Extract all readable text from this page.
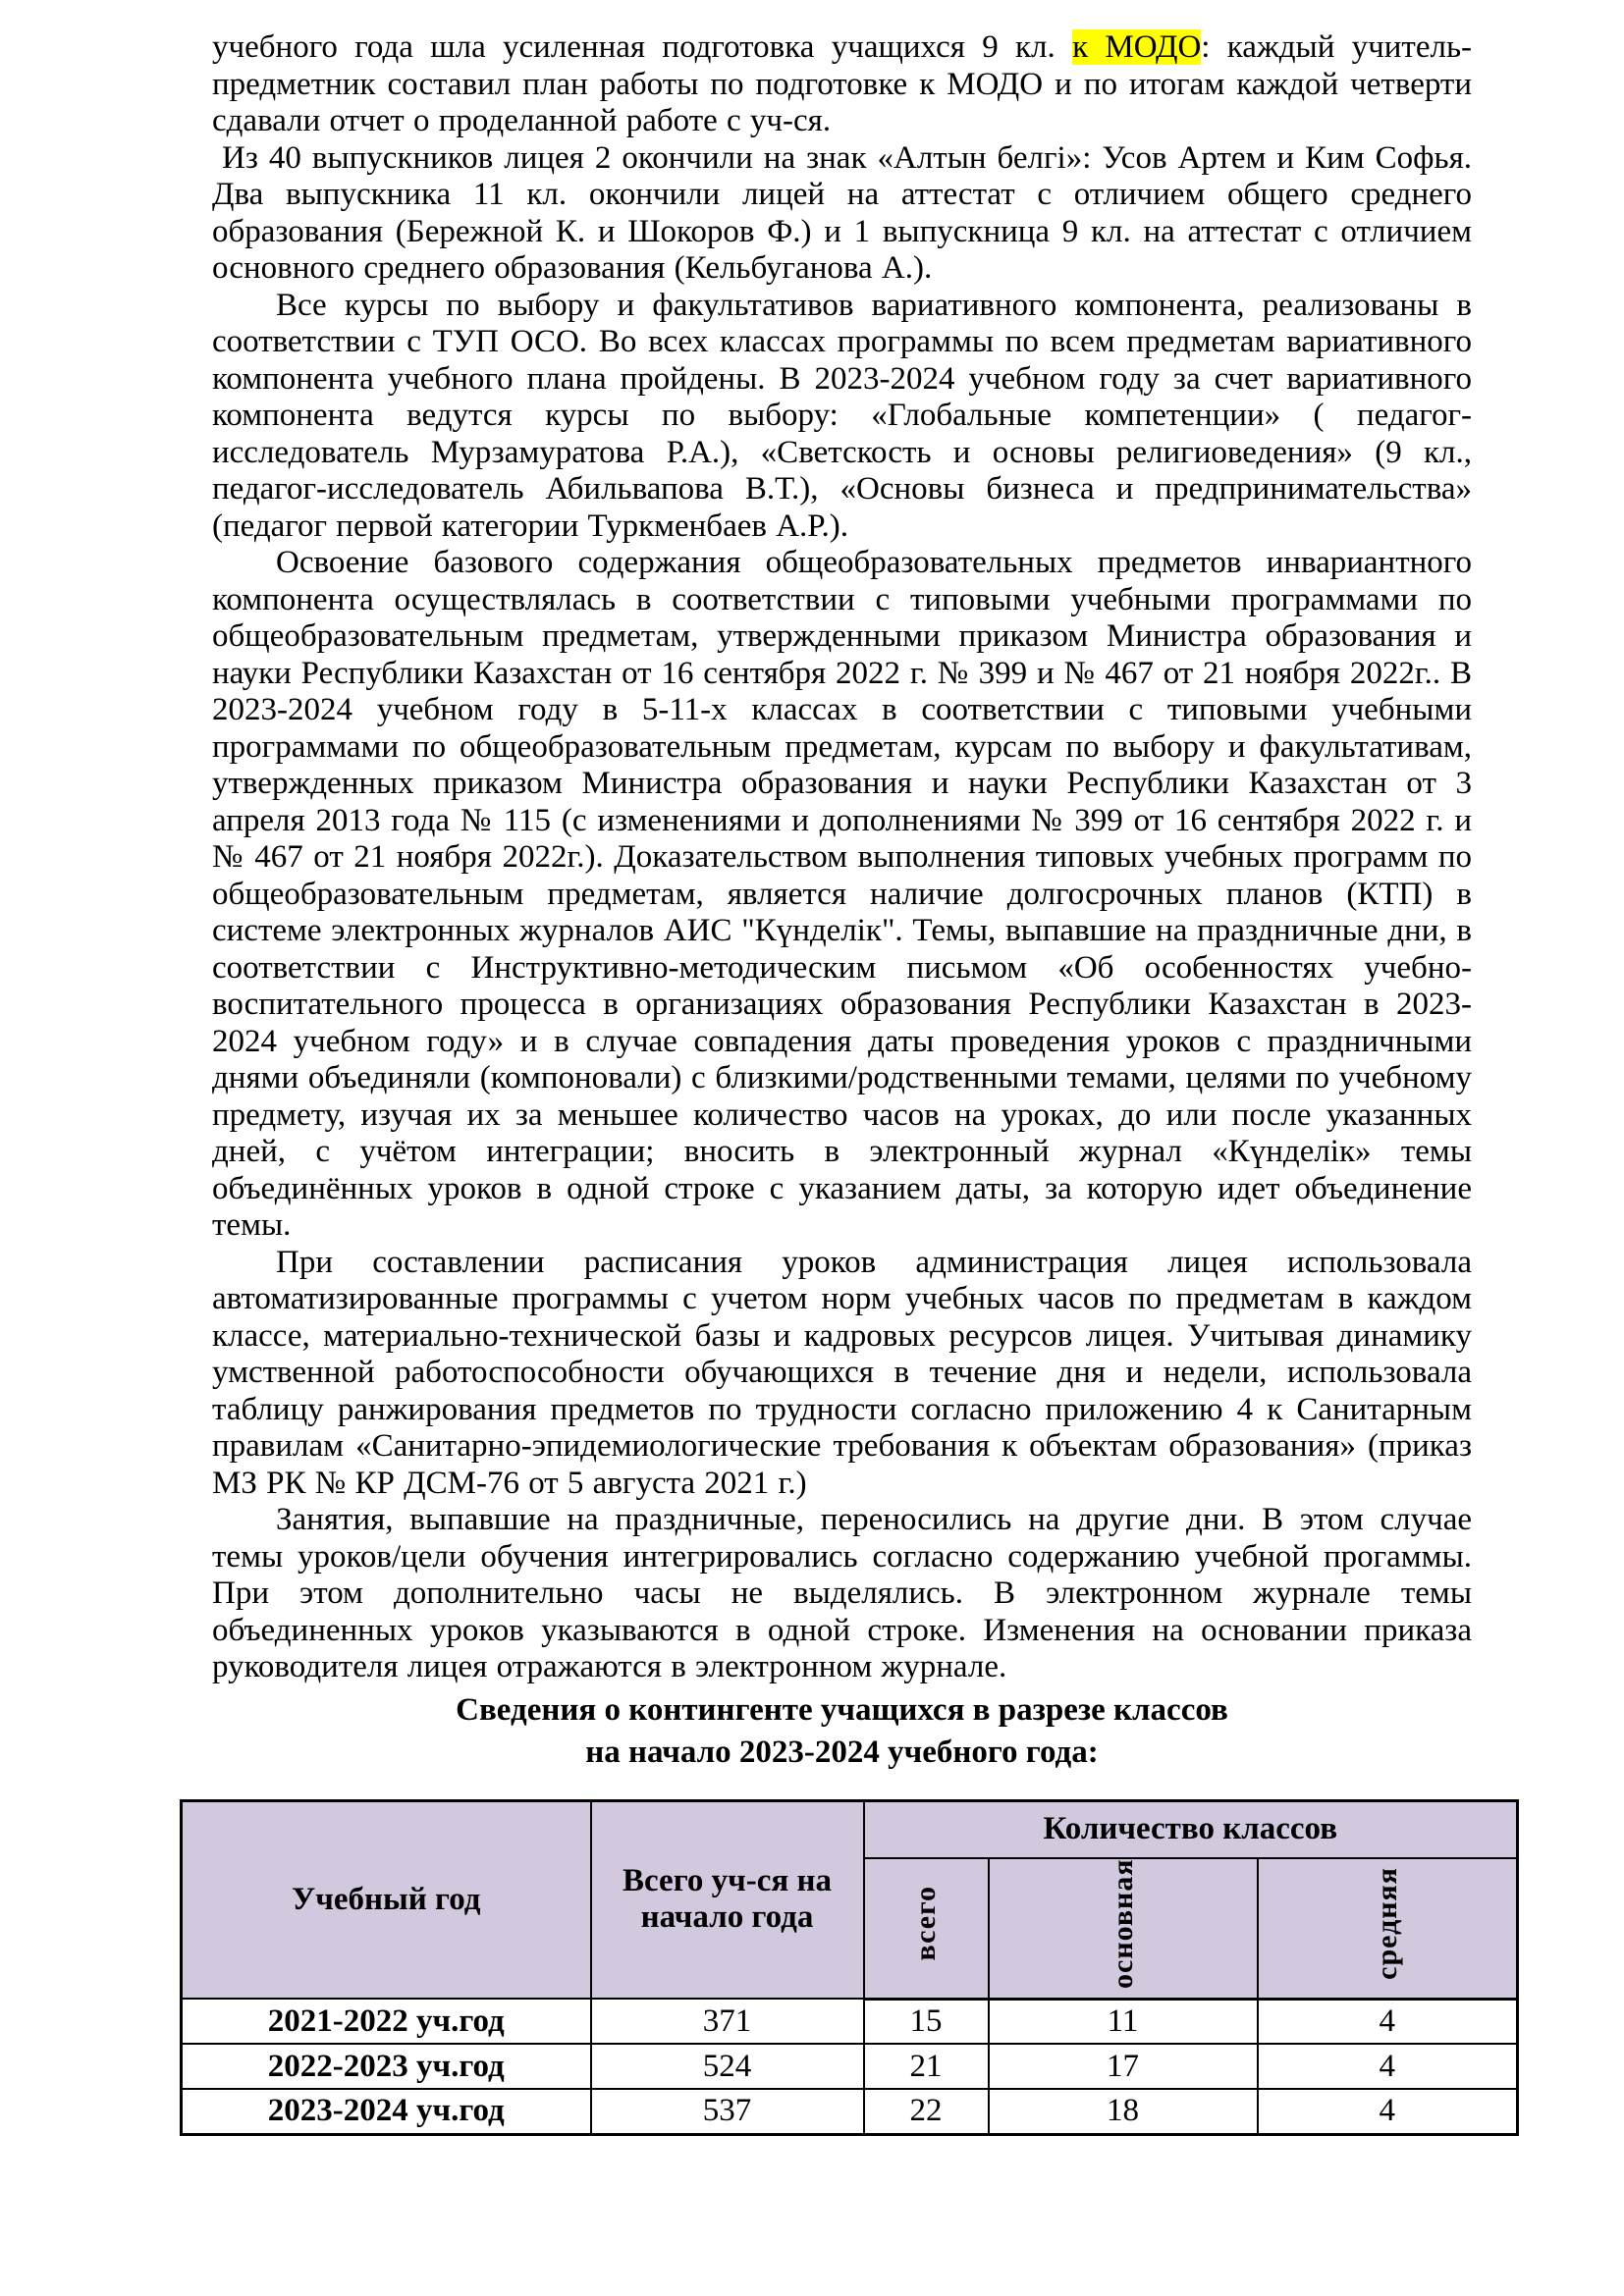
учебного года шла усиленная подготовка учащихся 9 кл. к МОДО: каждый учитель-предметник составил план работы по подготовке к МОДО и по итогам каждой четверти сдавали отчет о проделанной работе с уч-ся.

Из 40 выпускников лицея 2 окончили на знак «Алтын белгі»: Усов Артем и Ким Софья. Два выпускника 11 кл. окончили лицей на аттестат с отличием общего среднего образования (Бережной К. и Шокоров Ф.) и 1 выпускница 9 кл. на аттестат с отличием основного среднего образования (Кельбуганова А.).

Все курсы по выбору и факультативов вариативного компонента, реализованы в соответствии с ТУП ОСО. Во всех классах программы по всем предметам вариативного компонента учебного плана пройдены. В 2023-2024 учебном году за счет вариативного компонента ведутся курсы по выбору: «Глобальные компетенции» ( педагог-исследователь Мурзамуратова Р.А.), «Светскость и основы религиоведения» (9 кл., педагог-исследователь Абильвапова В.Т.), «Основы бизнеса и предпринимательства» (педагог первой категории Туркменбаев А.Р.).

Освоение базового содержания общеобразовательных предметов инвариантного компонента осуществлялась в соответствии с типовыми учебными программами по общеобразовательным предметам, утвержденными приказом Министра образования и науки Республики Казахстан от 16 сентября 2022 г. № 399 и № 467 от 21 ноября 2022г.. В 2023-2024 учебном году в 5-11-х классах в соответствии с типовыми учебными программами по общеобразовательным предметам, курсам по выбору и факультативам, утвержденных приказом Министра образования и науки Республики Казахстан от 3 апреля 2013 года № 115 (с изменениями и дополнениями № 399 от 16 сентября 2022 г. и № 467 от 21 ноября 2022г.). Доказательством выполнения типовых учебных программ по общеобразовательным предметам, является наличие долгосрочных планов (КТП) в системе электронных журналов АИС "Күнделік". Темы, выпавшие на праздничные дни, в соответствии с Инструктивно-методическим письмом «Об особенностях учебно-воспитательного процесса в организациях образования Республики Казахстан в 2023-2024 учебном году» и в случае совпадения даты проведения уроков с праздничными днями объединяли (компоновали) с близкими/родственными темами, целями по учебному предмету, изучая их за меньшее количество часов на уроках, до или после указанных дней, с учётом интеграции; вносить в электронный журнал «Күнделік» темы объединённых уроков в одной строке с указанием даты, за которую идет объединение темы.

При составлении расписания уроков администрация лицея использовала автоматизированные программы с учетом норм учебных часов по предметам в каждом классе, материально-технической базы и кадровых ресурсов лицея. Учитывая динамику умственной работоспособности обучающихся в течение дня и недели, использовала таблицу ранжирования предметов по трудности согласно приложению 4 к Санитарным правилам «Санитарно-эпидемиологические требования к объектам образования» (приказ МЗ РК № КР ДСМ-76 от 5 августа 2021 г.)

Занятия, выпавшие на праздничные, переносились на другие дни. В этом случае темы уроков/цели обучения интегрировались согласно содержанию учебной прогаммы. При этом дополнительно часы не выделялись. В электронном журнале темы объединенных уроков указываются в одной строке. Изменения на основании приказа руководителя лицея отражаются в электронном журнале.

Сведения о контингенте учащихся в разрезе классов
на начало 2023-2024 учебного года:
Учебный год	Всего уч-ся на начало года	Количество классов		
		всего	основная	средняя
2021-2022 уч.год	371	15	11	4
2022-2023 уч.год	524	21	17	4
2023-2024 уч.год	537	22	18	4
